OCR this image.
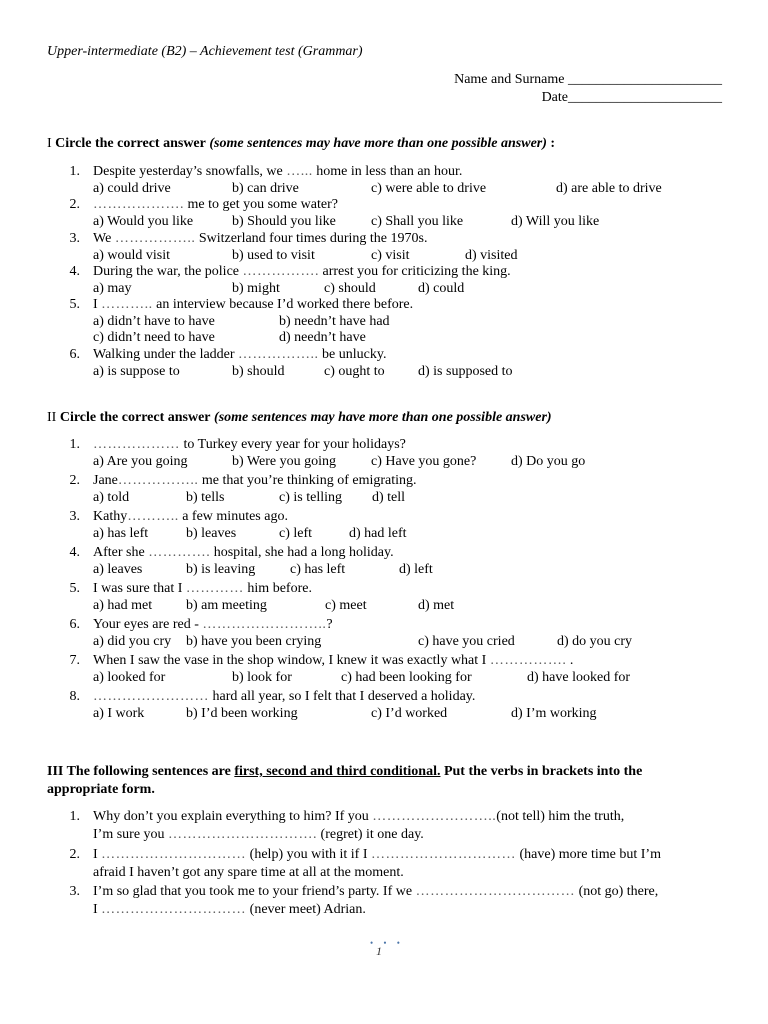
Upper-intermediate (B2) – Achievement test (Grammar)
Name and Surname ______________________
Date______________________
I Circle the correct answer (some sentences may have more than one possible answer) :
1. Despite yesterday’s snowfalls, we …... home in less than an hour.
a) could drive	b) can drive	c) were able to drive	d) are able to drive
2. ………………. me to get you some water?
a) Would you like	b) Should you like	c) Shall you like	d) Will you like
3. We …………….. Switzerland four times during the 1970s.
a) would visit	b) used to visit	c) visit	d) visited
4. During the war, the police ……………. arrest you for criticizing the king.
a) may	b) might	c) should	d) could
5. I ……….. an interview because I’d worked there before.
a) didn’t have to have	b) needn’t have had
c) didn’t need to have	d) needn’t have
6. Walking under the ladder …………….. be unlucky.
a) is suppose to	b) should	c) ought to d) is supposed to
II Circle the correct answer (some sentences may have more than one possible answer)
1. ……………… to Turkey every year for your holidays?
a) Are you going	b) Were you going	c) Have you gone? d) Do you go
2. Jane…………….. me that you’re thinking of emigrating.
a) told	b) tells	c) is telling d) tell
3. Kathy……….. a few minutes ago.
a) has left	b) leaves	c) left	d) had left
4. After she …………. hospital, she had a long holiday.
a) leaves	b) is leaving c) has left	d) left
5. I was sure that I ………… him before.
a) had met b) am meeting	c) meet	d) met
6. Your eyes are red - ……………………..?
a) did you cry b) have you been crying	c) have you cried	d) do you cry
7. When I saw the vase in the shop window, I knew it was exactly what I ……………. .
a) looked for	b) look for	c) had been looking for	d) have looked for
8. …………………… hard all year, so I felt that I deserved a holiday.
a) I work	b) I’d been working	c) I’d worked	d) I’m working
III The following sentences are first, second and third conditional. Put the verbs in brackets into the
appropriate form.
1. Why don’t you explain everything to him? If you ……………………..(not tell) him the truth,
I’m sure you …………………………. (regret) it one day.
2. I ………………………… (help) you with it if I ………………………… (have) more time but I’m
afraid I haven’t got any spare time at all at the moment.
3. I’m so glad that you took me to your friend’s party. If we …………………………… (not go) there,
I ………………………… (never meet) Adrian.
• • •
1
